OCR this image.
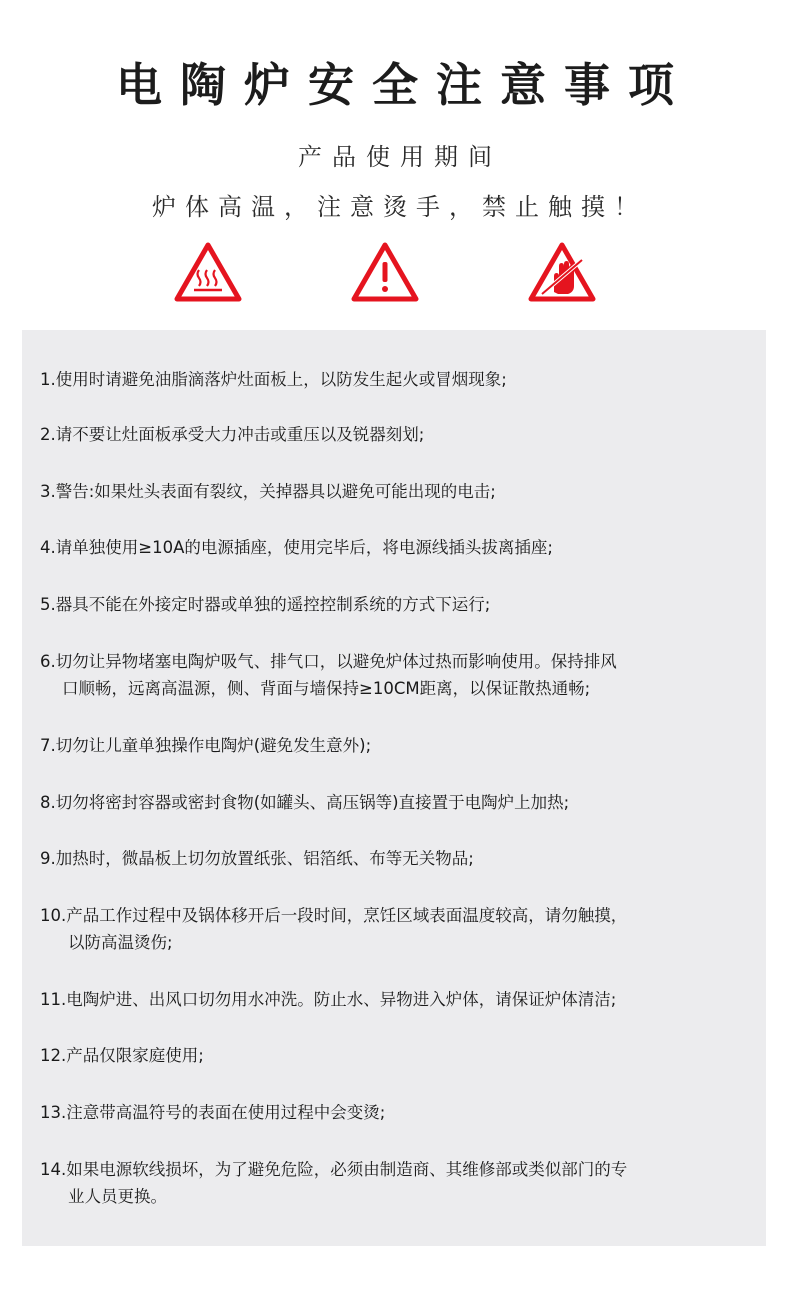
电陶炉安全注意事项
产品使用期间
炉体高温，注意烫手，禁止触摸！
1.使用时请避免油脂滴落炉灶面板上，以防发生起火或冒烟现象;
2.请不要让灶面板承受大力冲击或重压以及锐器刻划;
3.警告:如果灶头表面有裂纹，关掉器具以避免可能出现的电击;
4.请单独使用≥10A的电源插座，使用完毕后，将电源线插头拔离插座;
5.器具不能在外接定时器或单独的遥控控制系统的方式下运行;
6.切勿让异物堵塞电陶炉吸气、排气口，以避免炉体过热而影响使用。保持排风
口顺畅，远离高温源，侧、背面与墙保持≥10CM距离，以保证散热通畅;
7.切勿让儿童单独操作电陶炉(避免发生意外);
8.切勿将密封容器或密封食物(如罐头、高压锅等)直接置于电陶炉上加热;
9.加热时，微晶板上切勿放置纸张、铝箔纸、布等无关物品;
10.产品工作过程中及锅体移开后一段时间，烹饪区域表面温度较高，请勿触摸，
以防高温烫伤;
11.电陶炉进、出风口切勿用水冲洗。防止水、异物进入炉体，请保证炉体清洁;
12.产品仅限家庭使用;
13.注意带高温符号的表面在使用过程中会变烫;
14.如果电源软线损坏，为了避免危险，必须由制造商、其维修部或类似部门的专
业人员更换。
